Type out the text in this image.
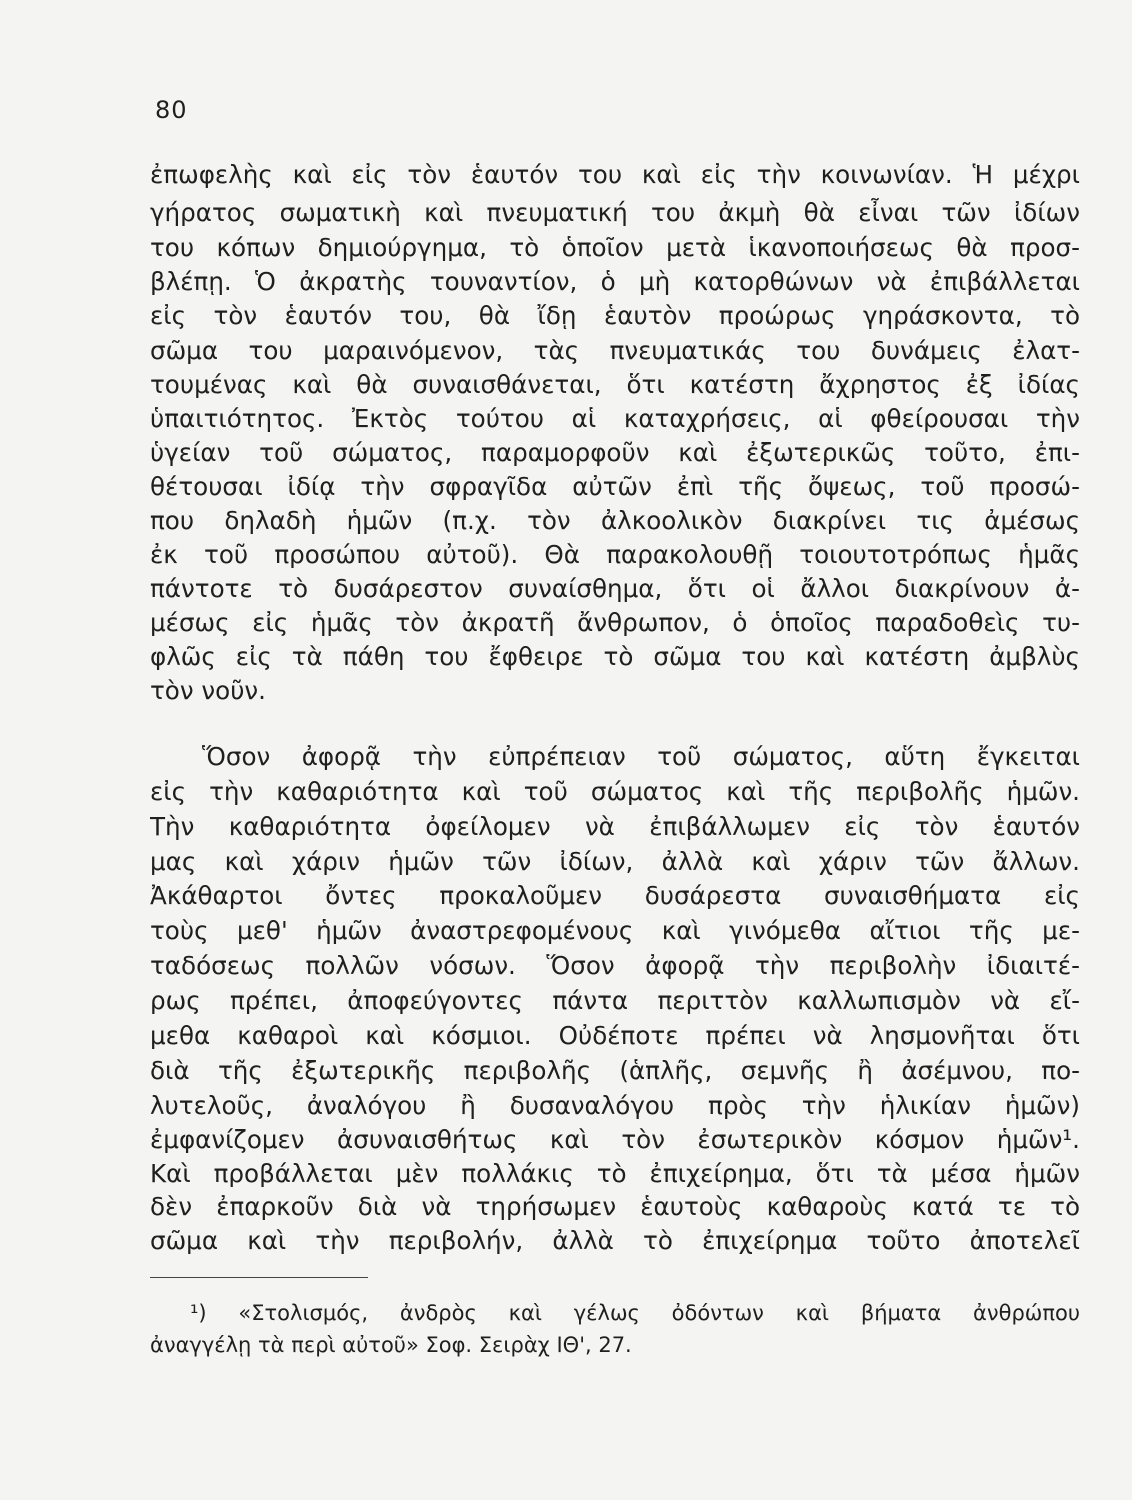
80
ἐπωφελὴς καὶ εἰς τὸν ἑαυτόν του καὶ εἰς τὴν κοινωνίαν. Ἡ μέχρι
γήρατος σωματικὴ καὶ πνευματική του ἀκμὴ θὰ εἶναι τῶν ἰδίων
του κόπων δημιούργημα, τὸ ὁποῖον μετὰ ἱκανοποιήσεως θὰ προσ-
βλέπῃ. Ὁ ἀκρατὴς τουναντίον, ὁ μὴ κατορθώνων νὰ ἐπιβάλλεται
εἰς τὸν ἑαυτόν του, θὰ ἴδῃ ἑαυτὸν προώρως γηράσκοντα, τὸ
σῶμα του μαραινόμενον, τὰς πνευματικάς του δυνάμεις ἐλατ-
τουμένας καὶ θὰ συναισθάνεται, ὅτι κατέστη ἄχρηστος ἐξ ἰδίας
ὑπαιτιότητος. Ἐκτὸς τούτου αἱ καταχρήσεις, αἱ φθείρουσαι τὴν
ὑγείαν τοῦ σώματος, παραμορφοῦν καὶ ἐξωτερικῶς τοῦτο, ἐπι-
θέτουσαι ἰδίᾳ τὴν σφραγῖδα αὐτῶν ἐπὶ τῆς ὄψεως, τοῦ προσώ-
που δηλαδὴ ἡμῶν (π.χ. τὸν ἀλκοολικὸν διακρίνει τις ἀμέσως
ἐκ τοῦ προσώπου αὐτοῦ). Θὰ παρακολουθῇ τοιουτοτρόπως ἡμᾶς
πάντοτε τὸ δυσάρεστον συναίσθημα, ὅτι οἱ ἄλλοι διακρίνουν ἀ-
μέσως εἰς ἡμᾶς τὸν ἀκρατῆ ἄνθρωπον, ὁ ὁποῖος παραδοθεὶς τυ-
φλῶς εἰς τὰ πάθη του ἔφθειρε τὸ σῶμα του καὶ κατέστη ἀμβλὺς
τὸν νοῦν.
Ὅσον ἀφορᾷ τὴν εὐπρέπειαν τοῦ σώματος, αὕτη ἔγκειται
εἰς τὴν καθαριότητα καὶ τοῦ σώματος καὶ τῆς περιβολῆς ἡμῶν.
Τὴν καθαριότητα ὀφείλομεν νὰ ἐπιβάλλωμεν εἰς τὸν ἑαυτόν
μας καὶ χάριν ἡμῶν τῶν ἰδίων, ἀλλὰ καὶ χάριν τῶν ἄλλων.
Ἀκάθαρτοι ὄντες προκαλοῦμεν δυσάρεστα συναισθήματα εἰς
τοὺς μεθ' ἡμῶν ἀναστρεφομένους καὶ γινόμεθα αἴτιοι τῆς με-
ταδόσεως πολλῶν νόσων. Ὅσον ἀφορᾷ τὴν περιβολὴν ἰδιαιτέ-
ρως πρέπει, ἀποφεύγοντες πάντα περιττὸν καλλωπισμὸν νὰ εἴ-
μεθα καθαροὶ καὶ κόσμιοι. Οὐδέποτε πρέπει νὰ λησμονῆται ὅτι
διὰ τῆς ἐξωτερικῆς περιβολῆς (ἁπλῆς, σεμνῆς ἢ ἀσέμνου, πο-
λυτελοῦς, ἀναλόγου ἢ δυσαναλόγου πρὸς τὴν ἡλικίαν ἡμῶν)
ἐμφανίζομεν ἀσυναισθήτως καὶ τὸν ἐσωτερικὸν κόσμον ἡμῶν¹.
Καὶ προβάλλεται μὲν πολλάκις τὸ ἐπιχείρημα, ὅτι τὰ μέσα ἡμῶν
δὲν ἐπαρκοῦν διὰ νὰ τηρήσωμεν ἑαυτοὺς καθαροὺς κατά τε τὸ
σῶμα καὶ τὴν περιβολήν, ἀλλὰ τὸ ἐπιχείρημα τοῦτο ἀποτελεῖ
¹) «Στολισμός, ἀνδρὸς καὶ γέλως ὀδόντων καὶ βήματα ἀνθρώπου
ἀναγγέλῃ τὰ περὶ αὐτοῦ» Σοφ. Σειρὰχ ΙΘ', 27.
